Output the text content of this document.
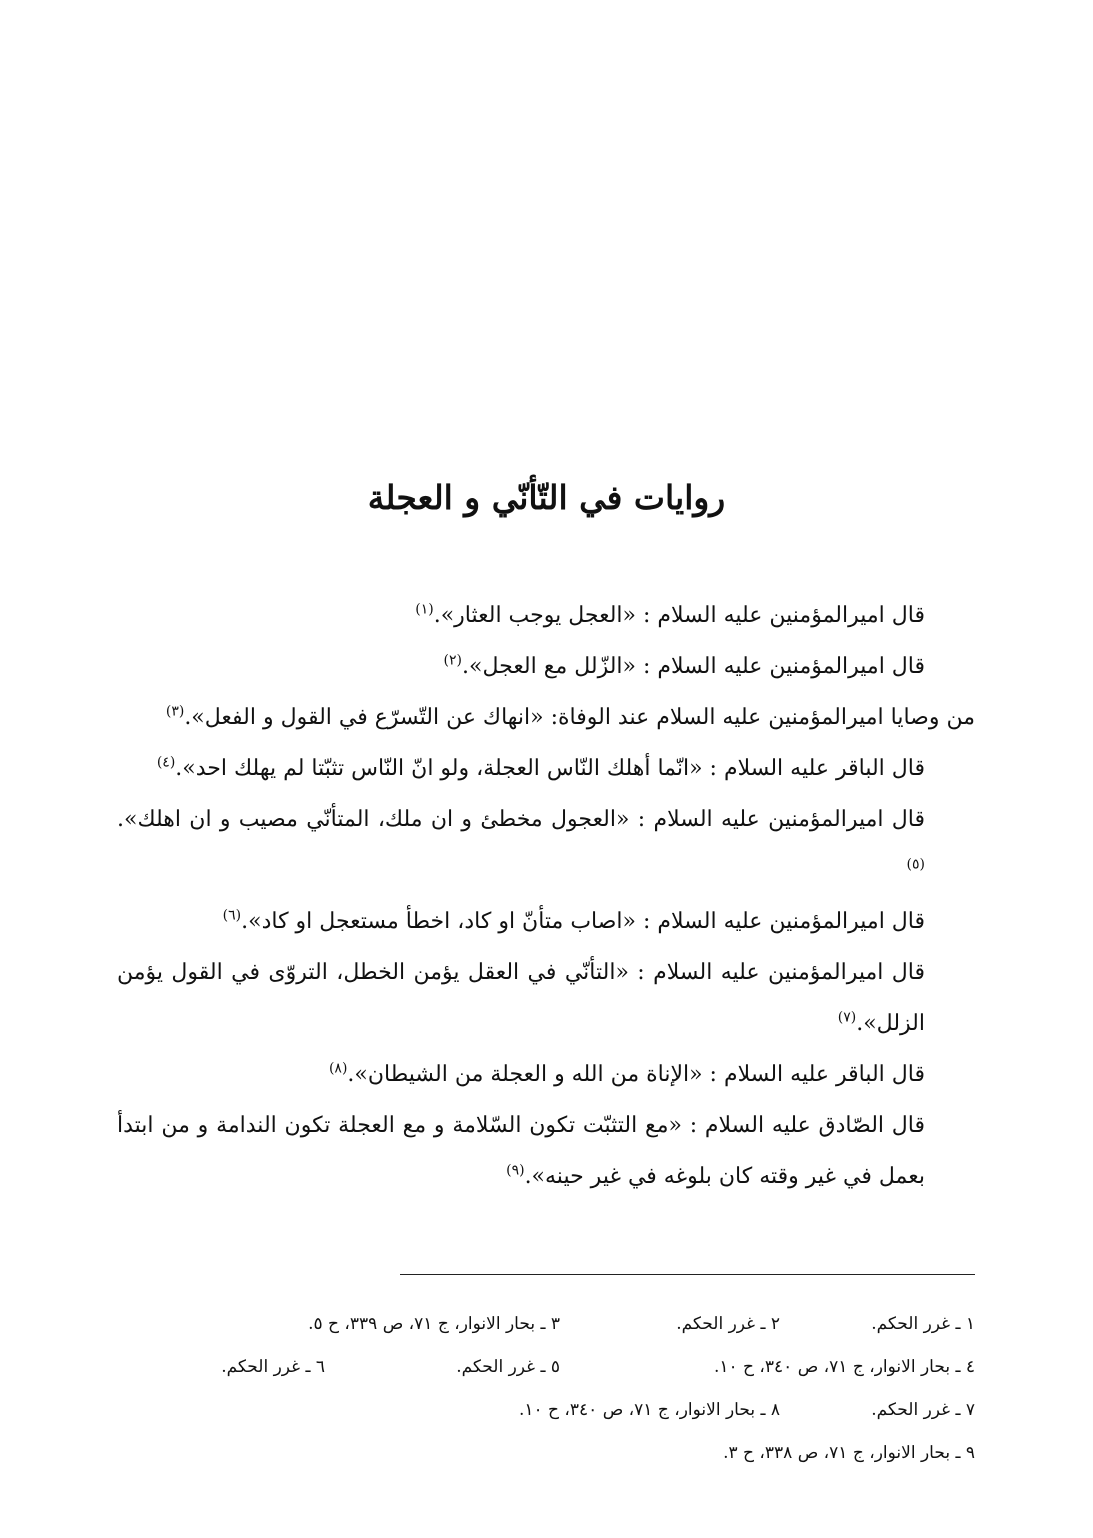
روايات في التّأنّي و العجلة

قال اميرالمؤمنين عليه السلام : «العجل يوجب العثار».$^{(١)}$

قال اميرالمؤمنين عليه السلام : «الزّلل مع العجل».$^{(٢)}$

من وصايا اميرالمؤمنين عليه السلام عند الوفاة: «انهاك عن التّسرّع في القول و الفعل».$^{(٣)}$

قال الباقر عليه السلام : «انّما أهلك النّاس العجلة، ولو انّ النّاس تثبّتا لم يهلك احد».$^{(٤)}$

قال اميرالمؤمنين عليه السلام : «العجول مخطئ و ان ملك، المتأنّي مصيب و ان اهلك».$^{(٥)}$

قال اميرالمؤمنين عليه السلام : «اصاب متأنّ او كاد، اخطأ مستعجل او كاد».$^{(٦)}$

قال اميرالمؤمنين عليه السلام : «التأنّي في العقل يؤمن الخطل، التروّى في القول يؤمن الزلل».$^{(٧)}$

قال الباقر عليه السلام : «الإناة من الله و العجلة من الشيطان».$^{(٨)}$

قال الصّادق عليه السلام : «مع التثبّت تكون السّلامة و مع العجلة تكون الندامة و من ابتدأ بعمل في غير وقته كان بلوغه في غير حينه».$^{(٩)}$

١ ـ غرر الحكم.
٢ ـ غرر الحكم.
٣ ـ بحار الانوار، ج ٧١، ص ٣٣٩، ح ٥.
٤ ـ بحار الانوار، ج ٧١، ص ٣٤٠، ح ١٠.
٥ ـ غرر الحكم.
٦ ـ غرر الحكم.
٧ ـ غرر الحكم.
٨ ـ بحار الانوار، ج ٧١، ص ٣٤٠، ح ١٠.
٩ ـ بحار الانوار، ج ٧١، ص ٣٣٨، ح ٣.
